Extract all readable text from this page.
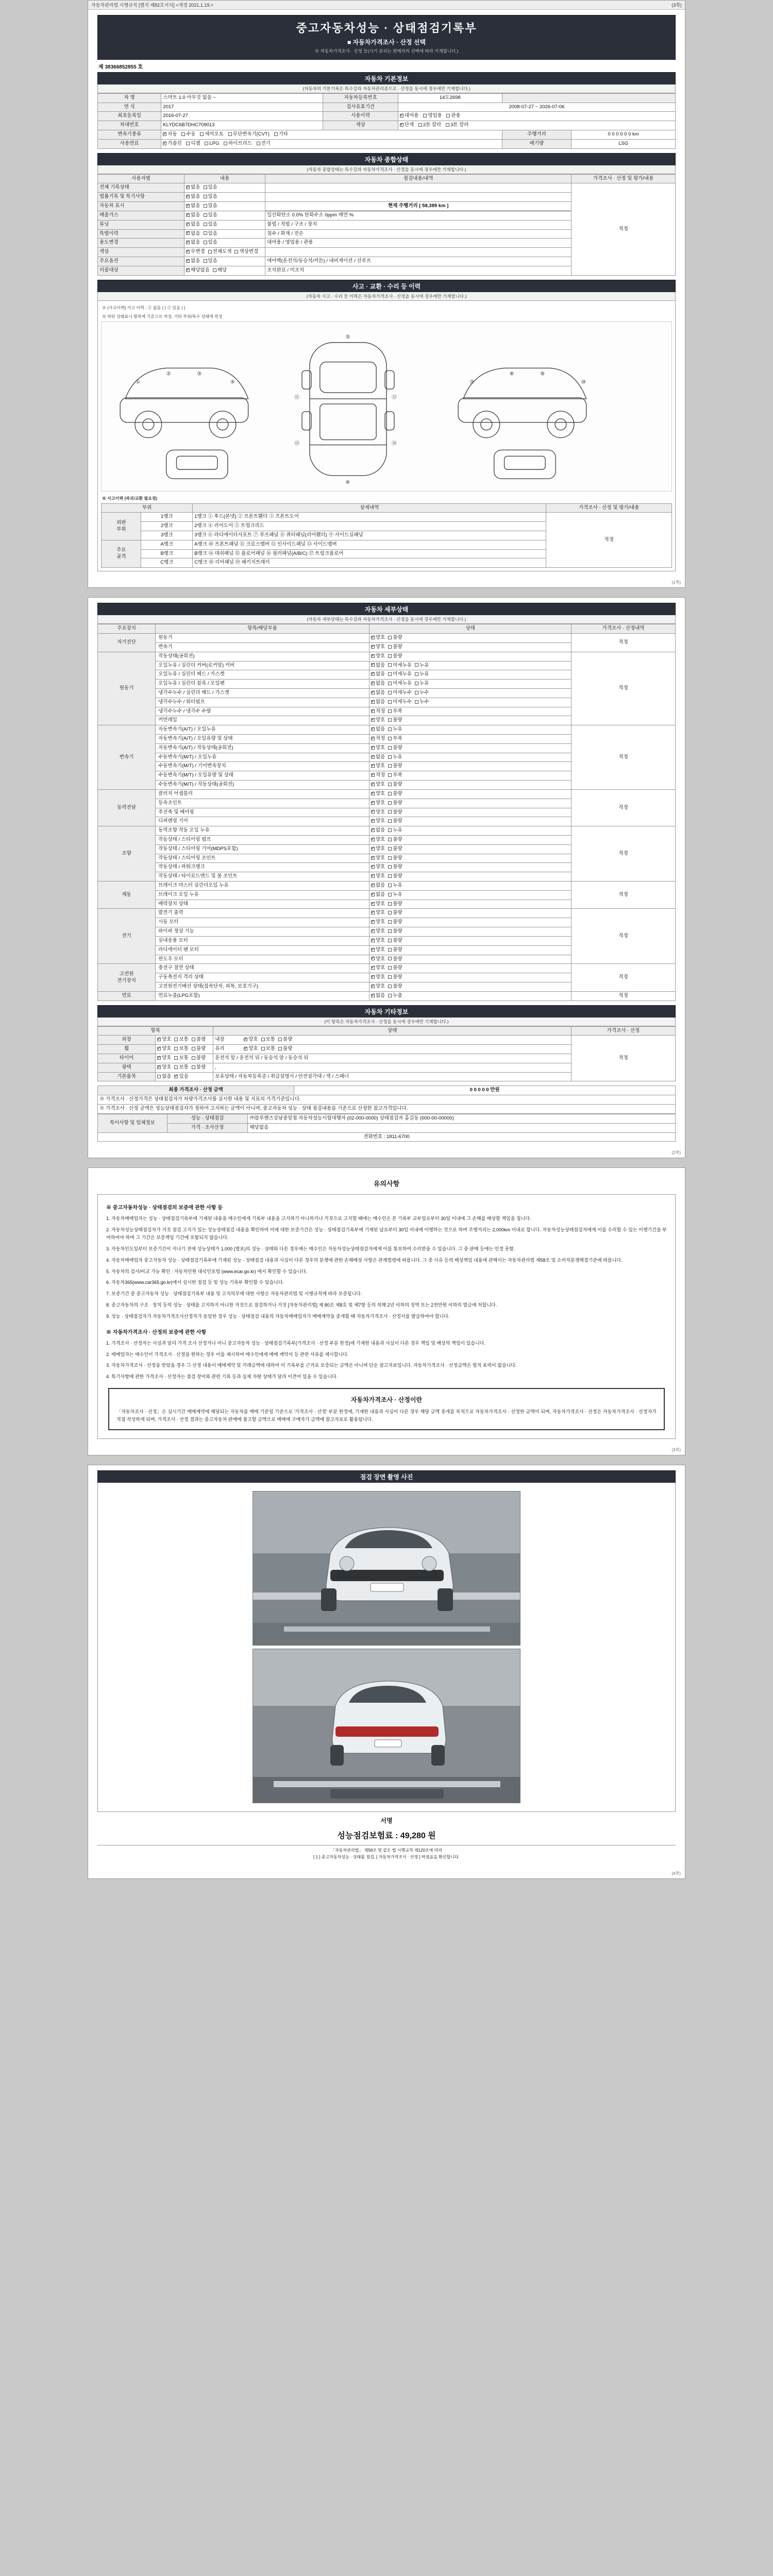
자동차관리법 시행규칙 [별지 제82호서식] <개정 2021.1.19.>	(3쪽)
중고자동차성능 · 상태점검기록부
■ 자동차가격조사 · 산정 선택
※ 자동차가격조사 · 산정 등(시기 분리는 판매자의 선택에 따라 기재합니다.)
제 38366852855 호
자동차 기본정보
(자동차의 기본기록은 특수강과 자동차관리증으로 · 산정을 동시에 경우에만 기재합니다.)
차 명	스마트 1.0 아무것 없음 ~	자동차등록번호	14도2698		
연 식	2017	검사유효기간	2008-07-27 ~ 2026-07-06		
최초등록일	2016-07-27	사용이력	✓대여용 영업용 관용
차대번호	KLYDC6B7DHC709013	색상	✓단색 2톤 칼라 3톤 칼라
변속기종류	✓자동 수동 세미오토 무단변속기(CVT) 기타			주행거리	0 0 0 0 0 0 km
사용연료	✓가솔린 디젤 LPG 하이브리드 전기			배기량	LSG
자동차 종합상태
(자동차 종합상태는 특수강과 자동차가격조사 · 산정을 동시에 경우에만 기재합니다.)
사용자별	내용	점검내용/내역	가격조사 · 산정 및 평가/내용
전체 기록상태	✓없음 있음		적정
법률기록 및 특기사항	✓없음 있음	
자동차 표시	✓없음 있음	현재 주행거리 [ 58,389 km ]	
배출가스	✓없음 있음	일산화탄소 0.0% 탄화수소 0ppm 매연 %	
튜닝	✓없음 있음	불법 / 적법 / 구조 / 장치	
특별이력	✓없음 있음	침수 / 화재 / 전손	
용도변경	✓없음 있음	대여용 / 영업용 / 관용	
색상	✓무변경 전체도색 색상변경	
주요옵션	✓없음 있음	에어백(운전석/동승석/커튼) / 내비게이션 / 선루프	
리콜대상	✓해당없음 해당	조치완료 / 미조치	
사고 · 교환 · 수리 등 이력
(자동차 사고 · 수리 등 이력은 자동차가격조사 · 산정을 동시에 경우에만 기재합니다.)
※ (사고이력) 사고 이력 : ① 없음 ( ) ② 있음 ( )
※ 하단 상태표시 항목에 기준으로 작성, 기타 부위/특수 상태에 작성
①
②	③
④
⑤
⑥
⑦
⑧	⑨
⑩
⑪	⑫
⑬	⑭
※ 사고이력 (파괴/교환 필요점)
부위		상세내역	가격조사 · 산정 및 평가/내용
외판
부위	1랭크	1랭크 ① 후드(본넷) ② 프론트휀더 ③ 프론트도어	적정
	2랭크	2랭크 ④ 리어도어 ⑤ 트렁크리드	
	3랭크	3랭크 ⑥ 라디에이터서포트 ⑦ 루프패널 ⑧ 쿼터패널(리어휀더) ⑨ 사이드실패널	
주요
골격	A랭크	A랭크 ⑩ 프론트패널 ⑪ 크로스멤버 ⑫ 인사이드패널 ⑬ 사이드멤버	
	B랭크	B랭크 ⑭ 대쉬패널 ⑮ 플로어패널 ⑯ 필러패널(A/B/C) ⑰ 트렁크플로어	
	C랭크	C랭크 ⑱ 리어패널 ⑲ 패키지트레이	
(1쪽)
자동차 세부상태
(자동차 세부상태는 특수강과 자동차가격조사 · 산정을 동시에 경우에만 기재합니다.)
주요장치	항목/해당부품	상태	가격조사 · 산정내역
자기진단	원동기	✓양호 불량	적정
	변속기	✓양호 불량
원동기	작동상태(공회전)	✓양호 불량	적정
	오일누유 / 실린더 커버(로커암) 커버	✓없음 미세누유 누유
	오일누유 / 실린더 헤드 / 가스켓	✓없음 미세누유 누유
	오일누유 / 실린더 블록 / 오일팬	✓없음 미세누유 누유
	냉각수누수 / 실린더 헤드 / 가스켓	✓없음 미세누수 누수
	냉각수누수 / 워터펌프	✓없음 미세누수 누수
	냉각수누수 / 냉각수 수량	✓적정 부족
	커먼레일	✓양호 불량
변속기	자동변속기(A/T) / 오일누유	✓없음 누유	적정
	자동변속기(A/T) / 오일유량 및 상태	✓적정 부족
	자동변속기(A/T) / 작동상태(공회전)	✓양호 불량
	수동변속기(M/T) / 오일누유	✓없음 누유
	수동변속기(M/T) / 기어변속장치	✓양호 불량
	수동변속기(M/T) / 오일유량 및 상태	✓적정 부족
	수동변속기(M/T) / 작동상태(공회전)	✓양호 불량
동력전달	클러치 어셈블리	✓양호 불량	적정
	등속조인트	✓양호 불량
	추진축 및 베어링	✓양호 불량
	디퍼렌셜 기어	✓양호 불량
조향	동력조향 작동 오일 누유	✓없음 누유	적정
	작동상태 / 스티어링 펌프	✓양호 불량
	작동상태 / 스티어링 기어(MDPS포함)	✓양호 불량
	작동상태 / 스티어링 조인트	✓양호 불량
	작동상태 / 파워크랭크	✓양호 불량
	작동상태 / 타이로드엔드 및 볼 조인트	✓양호 불량
제동	브레이크 마스터 실린더오일 누유	✓없음 누유	적정
	브레이크 오일 누유	✓없음 누유
	배력장치 상태	✓양호 불량
전기	발전기 출력	✓양호 불량	적정
	시동 모터	✓양호 불량
	와이퍼 정상 기능	✓양호 불량
	실내송풍 모터	✓양호 불량
	라디에이터 팬 모터	✓양호 불량
	윈도우 모터	✓양호 불량
고전원
전기장치	충전구 절연 상태	✓양호 불량	적정
	구동축전지 격리 상태	✓양호 불량
	고전원전기배선 상태(접속단자, 피복, 보호기구)	✓양호 불량
연료	연료누출(LPG포함)	✓없음 누출	적정
자동차 기타정보
(이 항목은 자동차가격조사 · 산정을 동시에 경우에만 기재합니다.)
항목		상태	가격조사 · 산정
외장	✓양호 보통 불량	내장 ✓ 양호 보통 불량	적정
휠	✓양호 보통 불량	유리 ✓ 양호 보통 불량
타이어	✓양호 보통 불량	운전석 앞 / 운전석 뒤 / 동승석 앞 / 동승석 뒤	
광택	✓양호 보통 불량	,	
기본품목	없음 ✓ 있음	보유상태 / 자동차등록증 / 취급설명서 / 안전삼각대 / 잭 / 스패너	
최종 가격조사 · 산정 금액	0 0 0 0 0 만원
※ 가격조사 · 산정가격은 상태점검자가 차량가격조사를 실시한 내용 및 지표의 가격기준입니다.
※ 가격조사 · 산정 금액은 성능상태점검자가 정하여 고지하는 금액이 아니며, 중고자동차 성능 · 상태 점검내용을 기준으로 산정한 참고가격입니다.
특이사항 및 업체정보	성능 · 상태점검	㈜블루핸즈강남중앙점 자동차성능시험대행자 (02-000-0000) 상태점검자 홍길동 (000-00-00000)
	가격 · 조사산정	해당없음
전화번호 : 1811-6700		
(2쪽)
유의사항
※ 중고자동차성능 · 상태점검의 보증에 관한 사항 등
1. 자동차매매업자는 성능 · 상태점검기록부에 기재된 내용을 매수인에게 기록부 내용을 고지하기 아니하거나 거짓으로 고지할 때에는 매수인은 본 기록부 교부일로부터 30일 이내에 그 손해를 배상할 책임을 집니다.
2. 자동차성능상태점검자가 거짓 점검 고지가 있는 성능상태점검 내용을 확인하여 이에 대한 보증기간은 성능 · 상태점검기록부에 기재된 날로부터 30일 이내에 이행하는 것으로 하며 주행거리는 2,000km 이내로 합니다. 자동차성능상태점검자에게 이를 수리할 수 있는 이행기간을 부여하여야 하며 그 기간은 보증책임 기간에 포함되지 않습니다.
3. 자동차인도일부터 보증기간이 지나기 전에 성능상태가 1,000 (별표)의 성능 · 상태와 다른 경우에는 매수인은 자동차성능상태점검자에게 이를 통보하여 수리받을 수 있습니다. 그 중 판매 등에는 인정 못함.
4. 자동차매매업자 중고자동차 성능 · 상태점검기록부에 기재된 성능 · 상태점검 내용과 사실이 다른 경우의 분쟁에 관한 손해배상 사항은 관계법령에 따릅니다. 그 중 사유 등의 배상책임 내용에 관해서는 자동차관리법 제58조 및 소비자분쟁해결기준에 따릅니다.
5. 자동차의 검사/비교 가능 확인 : 자동차민원 대국민포털 (www.ecar.go.kr) 에서 확인할 수 있습니다.
6. 자동차365(www.car365.go.kr)에서 실시한 점검 등 및 성능 기록부 확인할 수 있습니다.
7. 보증기간 중 중고자동차 성능 · 상태점검기록부 내용 및 고지의무에 대한 사항은 자동차관리법 및 시행규칙에 따라 보증됩니다.
8. 중고자동차의 구조 · 장치 등의 성능 · 상태를 고지하지 아니한 거짓으로 점검하거나 거짓 [자동차관리법] 제 80조 제8호 및 제7항 등의 의해 2년 이하의 징역 또는 2천만원 이하의 벌금에 처합니다.
9. 성능 · 상태점검자가 자동차가격조사산정자가 동일한 경우 성능 · 상태점검 내용의 자동차매매업자가 매매계약을 중개할 때 자동차가격조사 · 산정서를 발급하여야 합니다.
※ 자동차가격조사 · 산정의 보증에 관한 사항
1. 가격조사 · 산정자는 사실과 달리 가격 조사 산정거나 아니 중고자동차 성능 · 상태점검기록부(가격조사 · 산정 부분 한정)에 기재한 내용과 사실이 다른 경우 책임 및 배상의 책임이 있습니다.
2. 매매업자는 매수인이 가격조사 · 산정을 원하는 경우 이를 제시하여 매수인에게 매매 계약서 등 관련 서류를 제시합니다.
3. 자동차가격조사 · 산정을 받았을 경우 그 산정 내용이 매매계약 및 거래금액에 대하여 이 기록부를 근거로 보증되는 금액은 아니며 단순 참고자료입니다. 자동차가격조사 · 산정금액은 법적 효력이 없습니다.
4. 특기사항에 관한 가격조사 · 산정자는 점검 장비와 관련 기록 등과 실제 차량 상태가 달라 이견이 있을 수 있습니다.
자동차가격조사 · 산정이란

「자동차조사 · 산정」은 실시기간 매매계약에 해당되는 자동차를 매매 기준일 기준으로 '가격조사 · 산정' 부분 한정에, 기재한 내용과 사실이 다른 경우 해당 금액 중개를 목적으로 자동차가격조사 · 산정한 금액이 되며, 자동차가격조사 · 산정은 자동차가격조사 · 산정자가 직접 작성하게 되며, 가격조사 · 산정 결과는 중고자동차 판매에 참고할 금액으로 매매에 구매자가 금액에 참고자료로 활용됩니다.

(3쪽)
점검 장면 촬영 사진
서명
성능점검보험료 : 49,280 원
「자동차관리법」 제58조 및 같은 법 시행규칙 제120조에 따라
[ 1 ] 중고자동차성능 · 상태를 점검, [ 자동차가격조사 · 산정 ] 하였음을 확인합니다.
(4쪽)
